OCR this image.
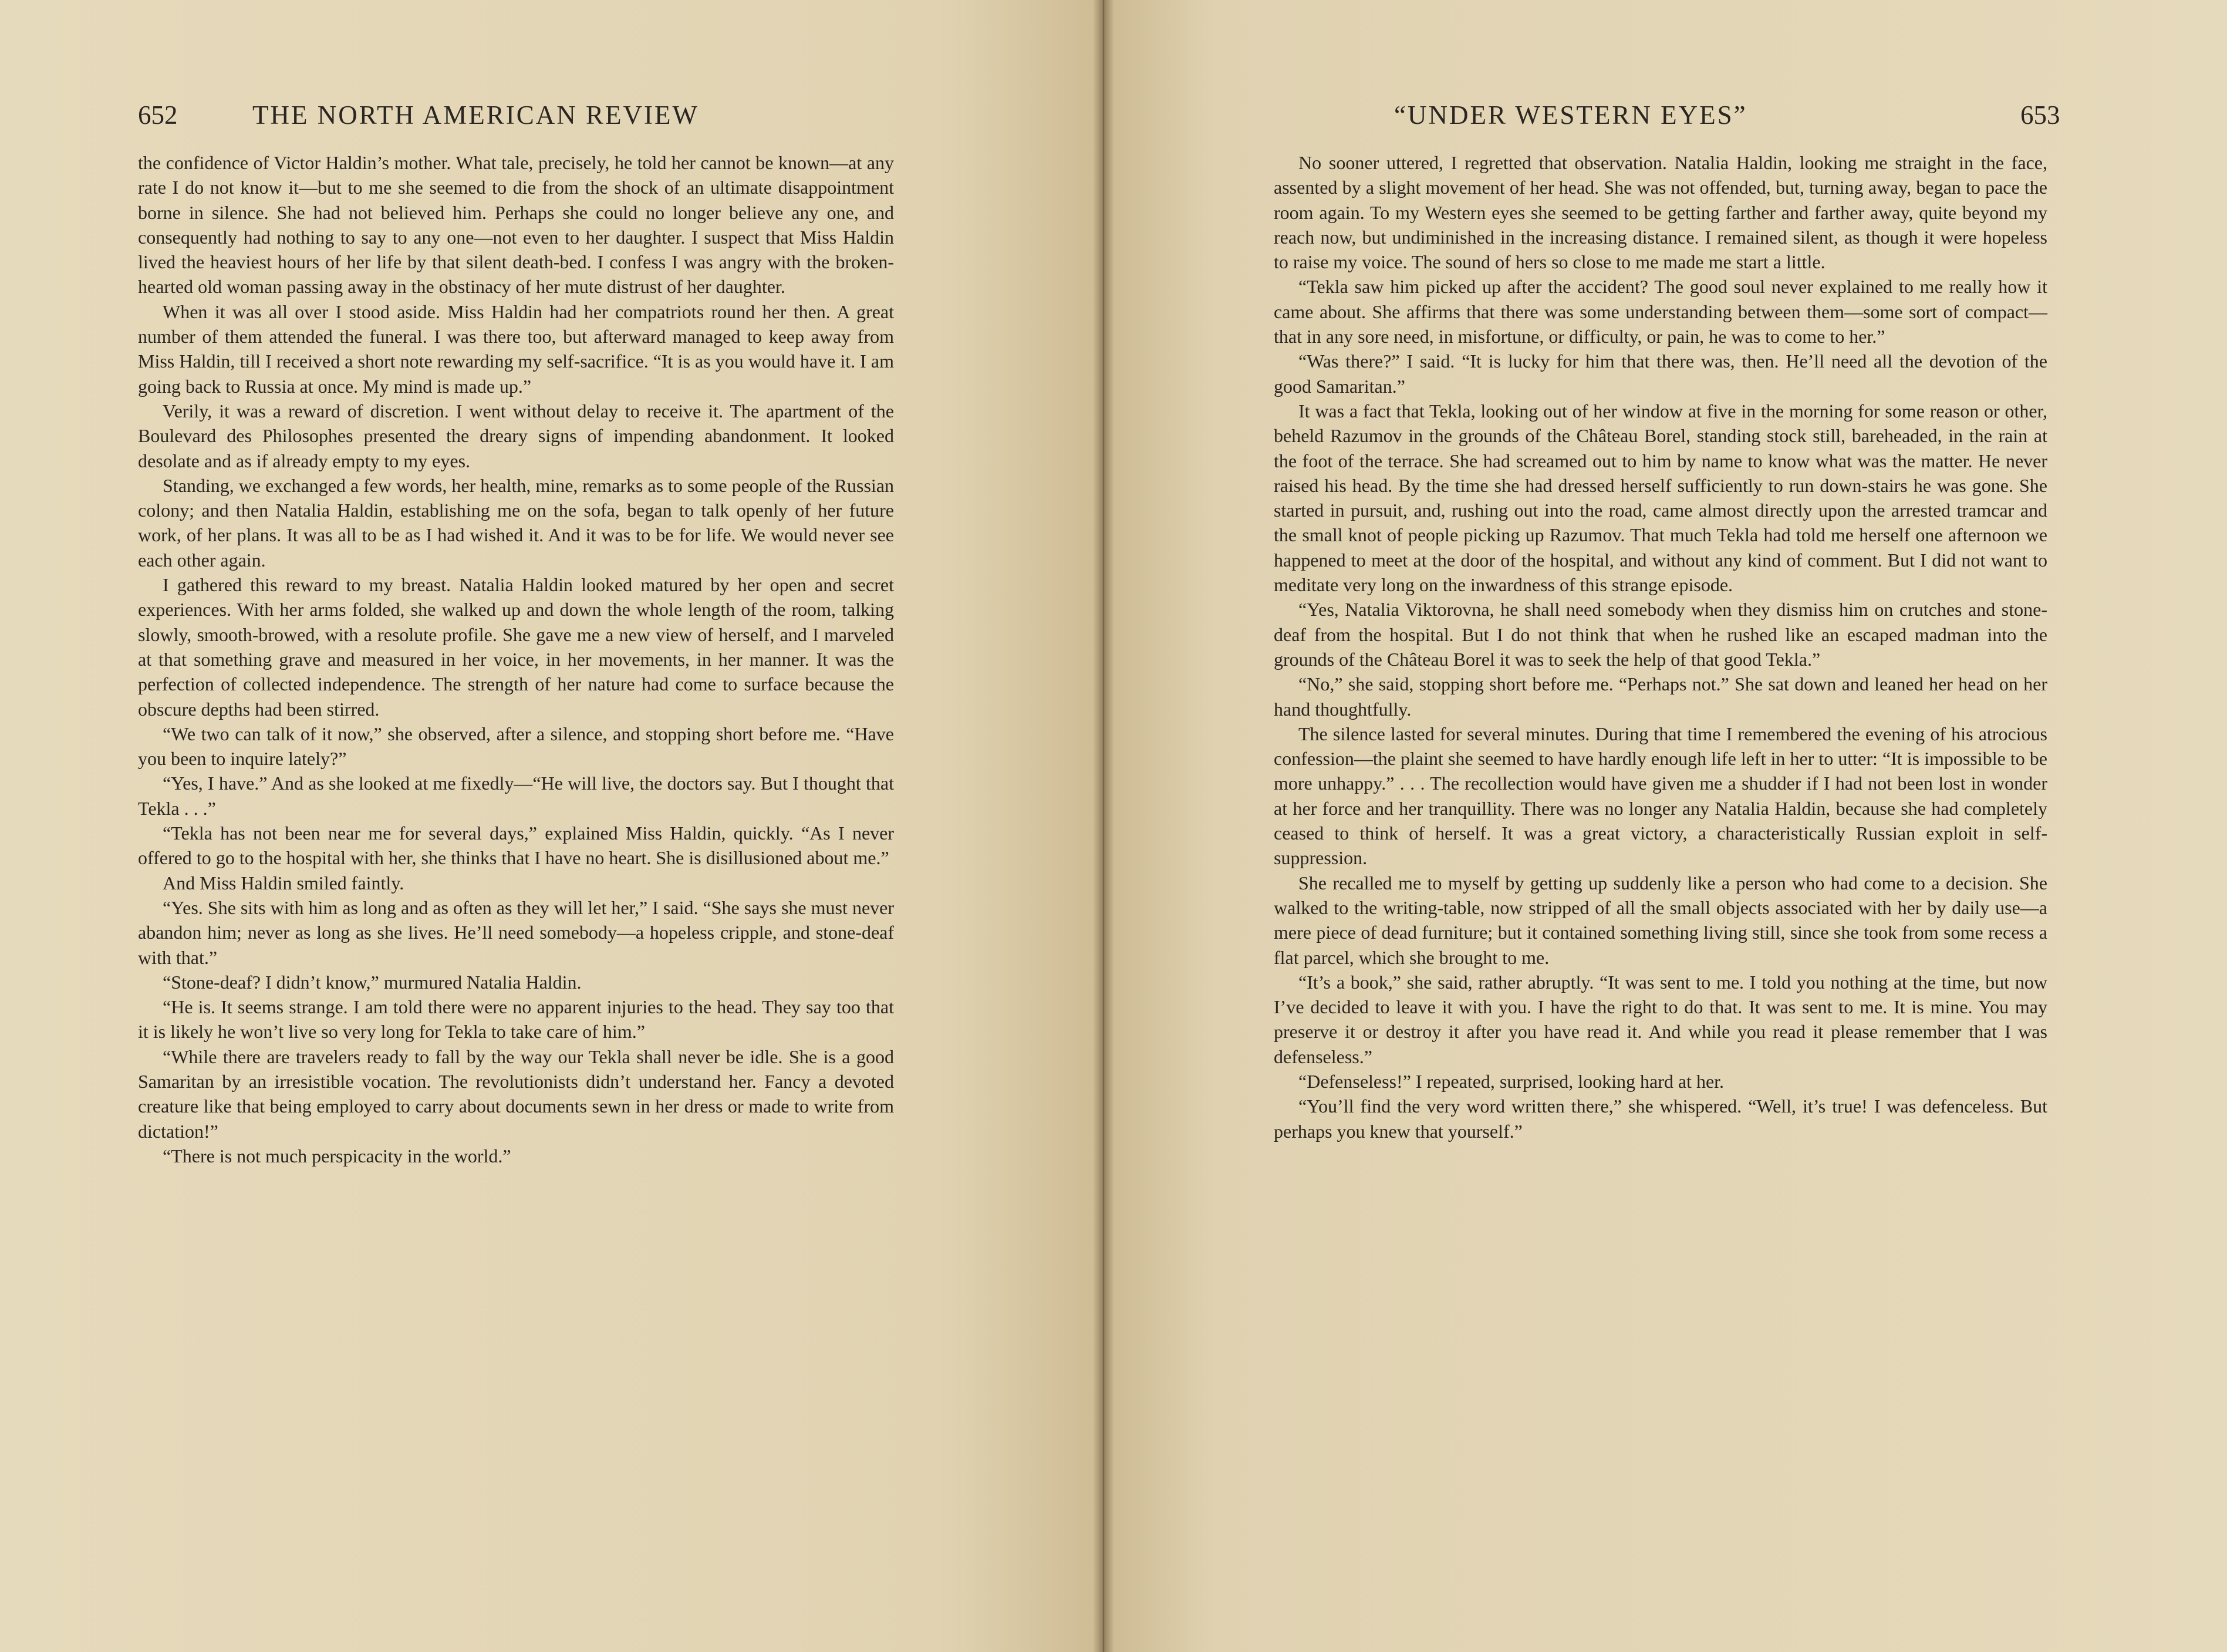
652	THE NORTH AMERICAN REVIEW

the confidence of Victor Haldin’s mother. What tale, precisely, he told her cannot be known—at any rate I do not know it—but to me she seemed to die from the shock of an ultimate disappointment borne in silence. She had not believed him. Perhaps she could no longer believe any one, and consequently had nothing to say to any one—not even to her daughter. I suspect that Miss Haldin lived the heaviest hours of her life by that silent death-bed. I confess I was angry with the broken-hearted old woman passing away in the obstinacy of her mute distrust of her daughter.

When it was all over I stood aside. Miss Haldin had her compatriots round her then. A great number of them attended the funeral. I was there too, but afterward managed to keep away from Miss Haldin, till I received a short note rewarding my self-sacrifice. “It is as you would have it. I am going back to Russia at once. My mind is made up.”

Verily, it was a reward of discretion. I went without delay to receive it. The apartment of the Boulevard des Philosophes presented the dreary signs of impending abandonment. It looked desolate and as if already empty to my eyes.

Standing, we exchanged a few words, her health, mine, remarks as to some people of the Russian colony; and then Natalia Haldin, establishing me on the sofa, began to talk openly of her future work, of her plans. It was all to be as I had wished it. And it was to be for life. We would never see each other again.

I gathered this reward to my breast. Natalia Haldin looked matured by her open and secret experiences. With her arms folded, she walked up and down the whole length of the room, talking slowly, smooth-browed, with a resolute profile. She gave me a new view of herself, and I marveled at that something grave and measured in her voice, in her movements, in her manner. It was the perfection of collected independence. The strength of her nature had come to surface because the obscure depths had been stirred.

“We two can talk of it now,” she observed, after a silence, and stopping short before me. “Have you been to inquire lately?”

“Yes, I have.” And as she looked at me fixedly—“He will live, the doctors say. But I thought that Tekla . . .”

“Tekla has not been near me for several days,” explained Miss Haldin, quickly. “As I never offered to go to the hospital with her, she thinks that I have no heart. She is disillusioned about me.”

And Miss Haldin smiled faintly.

“Yes. She sits with him as long and as often as they will let her,” I said. “She says she must never abandon him; never as long as she lives. He’ll need somebody—a hopeless cripple, and stone-deaf with that.”

“Stone-deaf? I didn’t know,” murmured Natalia Haldin.

“He is. It seems strange. I am told there were no apparent injuries to the head. They say too that it is likely he won’t live so very long for Tekla to take care of him.”

“While there are travelers ready to fall by the way our Tekla shall never be idle. She is a good Samaritan by an irresistible vocation. The revolutionists didn’t understand her. Fancy a devoted creature like that being employed to carry about documents sewn in her dress or made to write from dictation!”

“There is not much perspicacity in the world.”

“UNDER WESTERN EYES”	653

No sooner uttered, I regretted that observation. Natalia Haldin, looking me straight in the face, assented by a slight movement of her head. She was not offended, but, turning away, began to pace the room again. To my Western eyes she seemed to be getting farther and farther away, quite beyond my reach now, but undiminished in the increasing distance. I remained silent, as though it were hopeless to raise my voice. The sound of hers so close to me made me start a little.

“Tekla saw him picked up after the accident? The good soul never explained to me really how it came about. She affirms that there was some understanding between them—some sort of compact—that in any sore need, in misfortune, or difficulty, or pain, he was to come to her.”

“Was there?” I said. “It is lucky for him that there was, then. He’ll need all the devotion of the good Samaritan.”

It was a fact that Tekla, looking out of her window at five in the morning for some reason or other, beheld Razumov in the grounds of the Château Borel, standing stock still, bareheaded, in the rain at the foot of the terrace. She had screamed out to him by name to know what was the matter. He never raised his head. By the time she had dressed herself sufficiently to run down-stairs he was gone. She started in pursuit, and, rushing out into the road, came almost directly upon the arrested tramcar and the small knot of people picking up Razumov. That much Tekla had told me herself one afternoon we happened to meet at the door of the hospital, and without any kind of comment. But I did not want to meditate very long on the inwardness of this strange episode.

“Yes, Natalia Viktorovna, he shall need somebody when they dismiss him on crutches and stone-deaf from the hospital. But I do not think that when he rushed like an escaped madman into the grounds of the Château Borel it was to seek the help of that good Tekla.”

“No,” she said, stopping short before me. “Perhaps not.” She sat down and leaned her head on her hand thoughtfully.

The silence lasted for several minutes. During that time I remembered the evening of his atrocious confession—the plaint she seemed to have hardly enough life left in her to utter: “It is impossible to be more unhappy.” . . . The recollection would have given me a shudder if I had not been lost in wonder at her force and her tranquillity. There was no longer any Natalia Haldin, because she had completely ceased to think of herself. It was a great victory, a characteristically Russian exploit in self-suppression.

She recalled me to myself by getting up suddenly like a person who had come to a decision. She walked to the writing-table, now stripped of all the small objects associated with her by daily use—a mere piece of dead furniture; but it contained something living still, since she took from some recess a flat parcel, which she brought to me.

“It’s a book,” she said, rather abruptly. “It was sent to me. I told you nothing at the time, but now I’ve decided to leave it with you. I have the right to do that. It was sent to me. It is mine. You may preserve it or destroy it after you have read it. And while you read it please remember that I was defenseless.”

“Defenseless!” I repeated, surprised, looking hard at her.

“You’ll find the very word written there,” she whispered. “Well, it’s true! I was defenceless. But perhaps you knew that yourself.”
